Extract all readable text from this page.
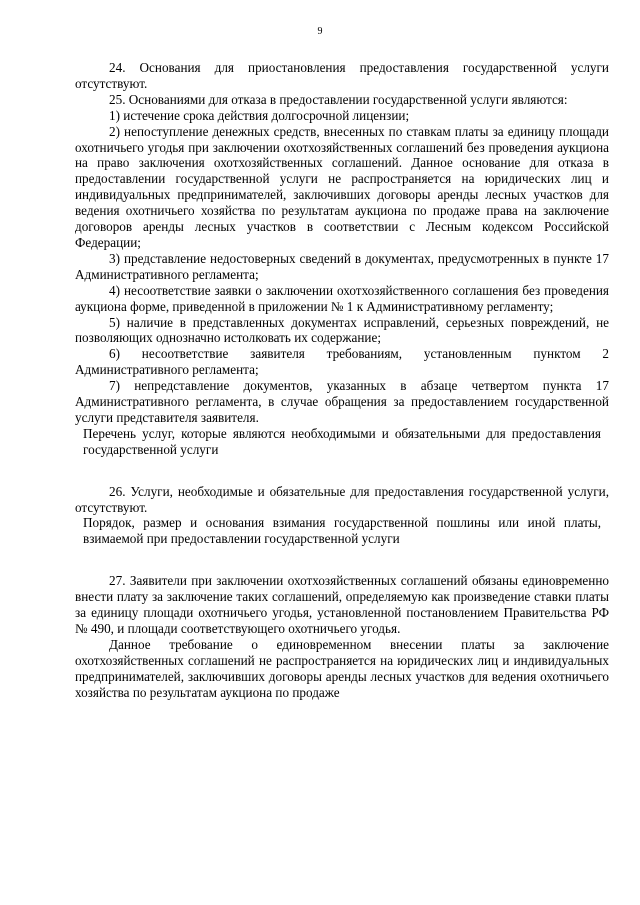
9

24. Основания для приостановления предоставления государственной услуги отсутствуют.

25. Основаниями для отказа в предоставлении государственной услуги являются:

1) истечение срока действия долгосрочной лицензии;

2) непоступление денежных средств, внесенных по ставкам платы за единицу площади охотничьего угодья при заключении охотхозяйственных соглашений без проведения аукциона на право заключения охотхозяйственных соглашений. Данное основание для отказа в предоставлении государственной услуги не распространяется на юридических лиц и индивидуальных предпринимателей, заключивших договоры аренды лесных участков для ведения охотничьего хозяйства по результатам аукциона по продаже права на заключение договоров аренды лесных участков в соответствии с Лесным кодексом Российской Федерации;

3) представление недостоверных сведений в документах, предусмотренных в пункте 17 Административного регламента;

4) несоответствие заявки о заключении охотхозяйственного соглашения без проведения аукциона форме, приведенной в приложении № 1 к Административному регламенту;

5) наличие в представленных документах исправлений, серьезных повреждений, не позволяющих однозначно истолковать их содержание;

6) несоответствие заявителя требованиям, установленным пунктом 2 Административного регламента;

7) непредставление документов, указанных в абзаце четвертом пункта 17 Административного регламента, в случае обращения за предоставлением государственной услуги представителя заявителя.

Перечень услуг, которые являются необходимыми и обязательными для предоставления государственной услуги

26. Услуги, необходимые и обязательные для предоставления государственной услуги, отсутствуют.

Порядок, размер и основания взимания государственной пошлины или иной платы, взимаемой при предоставлении государственной услуги

27. Заявители при заключении охотхозяйственных соглашений обязаны единовременно внести плату за заключение таких соглашений, определяемую как произведение ставки платы за единицу площади охотничьего угодья, установленной постановлением Правительства РФ № 490, и площади соответствующего охотничьего угодья.

Данное требование о единовременном внесении платы за заключение охотхозяйственных соглашений не распространяется на юридических лиц и индивидуальных предпринимателей, заключивших договоры аренды лесных участков для ведения охотничьего хозяйства по результатам аукциона по продаже
